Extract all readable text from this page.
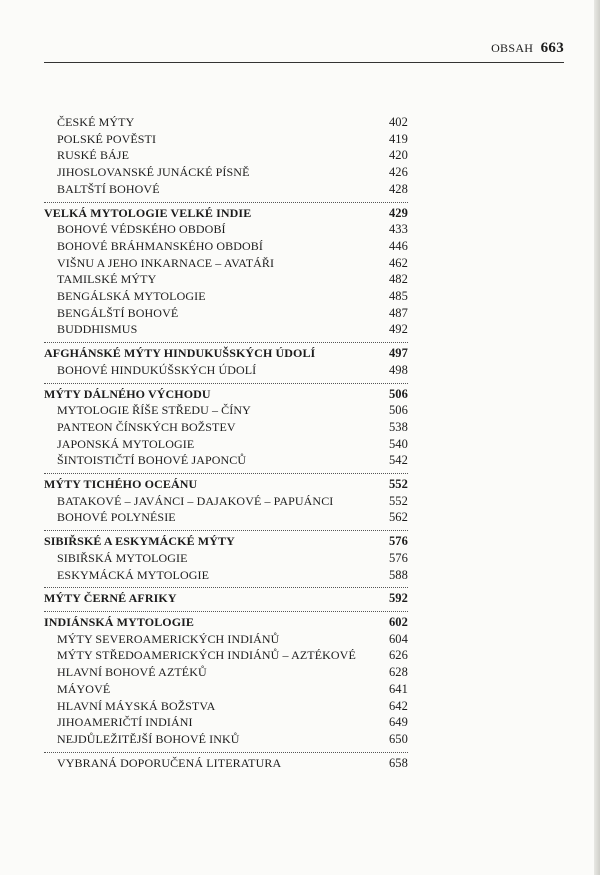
OBSAH 663
ČESKÉ MÝTY	402
POLSKÉ POVĚSTI	419
RUSKÉ BÁJE	420
JIHOSLOVANSKÉ JUNÁCKÉ PÍSNĚ	426
BALTŠTÍ BOHOVÉ	428
VELKÁ MYTOLOGIE VELKÉ INDIE	429
BOHOVÉ VÉDSKÉHO OBDOBÍ	433
BOHOVÉ BRÁHMANSKÉHO OBDOBÍ	446
VIŠNU A JEHO INKARNACE – AVATÁŘI	462
TAMILSKÉ MÝTY	482
BENGÁLSKÁ MYTOLOGIE	485
BENGÁLŠTÍ BOHOVÉ	487
BUDDHISMUS	492
AFGHÁNSKÉ MÝTY HINDUKUŠSKÝCH ÚDOLÍ	497
BOHOVÉ HINDUKÚŠSKÝCH ÚDOLÍ	498
MÝTY DÁLNÉHO VÝCHODU	506
MYTOLOGIE ŘÍŠE STŘEDU – ČÍNY	506
PANTEON ČÍNSKÝCH BOŽSTEV	538
JAPONSKÁ MYTOLOGIE	540
ŠINTOISTIČTÍ BOHOVÉ JAPONCŮ	542
MÝTY TICHÉHO OCEÁNU	552
BATAKOVÉ – JAVÁNCI – DAJAKOVÉ – PAPUÁNCI	552
BOHOVÉ POLYNÉSIE	562
SIBIŘSKÉ A ESKYMÁCKÉ MÝTY	576
SIBIŘSKÁ MYTOLOGIE	576
ESKYMÁCKÁ MYTOLOGIE	588
MÝTY ČERNÉ AFRIKY	592
INDIÁNSKÁ MYTOLOGIE	602
MÝTY SEVEROAMERICKÝCH INDIÁNŮ	604
MÝTY STŘEDOAMERICKÝCH INDIÁNŮ – AZTÉKOVÉ	626
HLAVNÍ BOHOVÉ AZTÉKŮ	628
MÁYOVÉ	641
HLAVNÍ MÁYSKÁ BOŽSTVA	642
JIHOAMERIČTÍ INDIÁNI	649
NEJDŮLEŽITĚJŠÍ BOHOVÉ INKŮ	650
VYBRANÁ DOPORUČENÁ LITERATURA	658
